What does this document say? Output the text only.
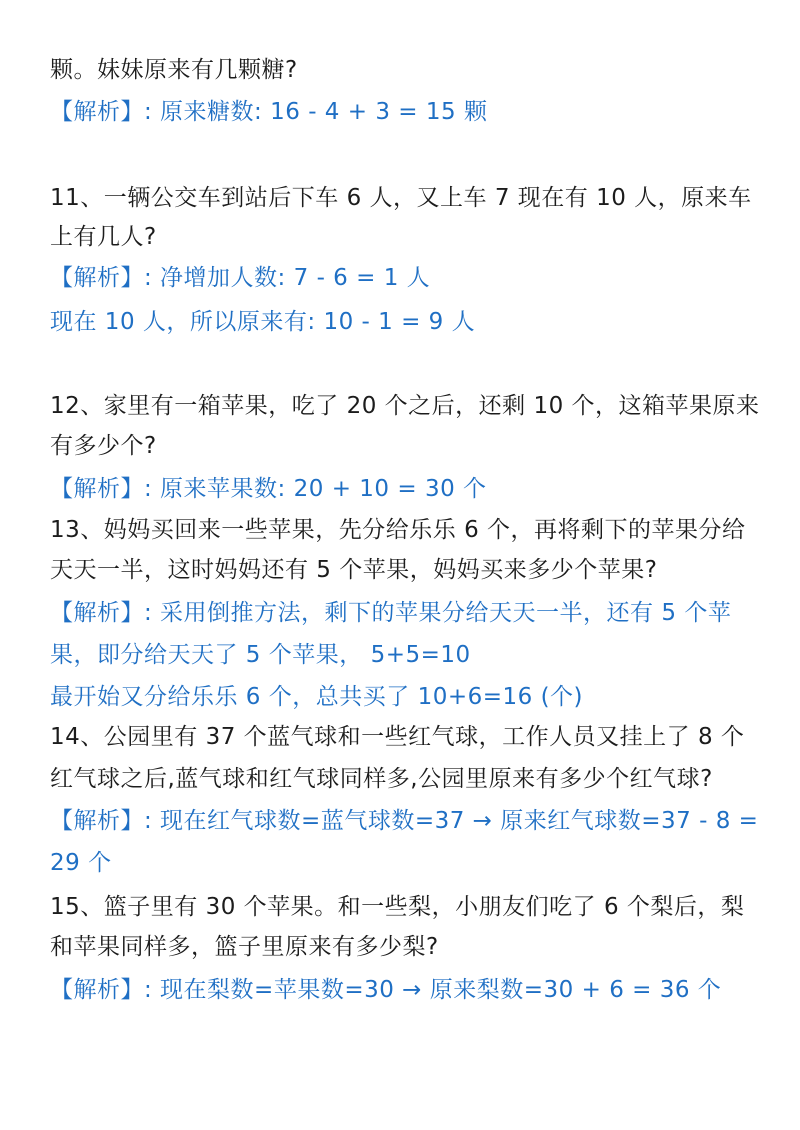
颗。妹妹原来有几颗糖?
【解析】: 原来糖数: 16 - 4 + 3 = 15 颗
11、一辆公交车到站后下车 6 人，又上车 7 现在有 10 人，原来车
上有几人?
【解析】: 净增加人数: 7 - 6 = 1 人
现在 10 人，所以原来有: 10 - 1 = 9 人
12、家里有一箱苹果，吃了 20 个之后，还剩 10 个，这箱苹果原来
有多少个?
【解析】: 原来苹果数: 20 + 10 = 30 个
13、妈妈买回来一些苹果，先分给乐乐 6 个，再将剩下的苹果分给
天天一半，这时妈妈还有 5 个苹果，妈妈买来多少个苹果?
【解析】: 采用倒推方法，剩下的苹果分给天天一半，还有 5 个苹
果，即分给天天了 5 个苹果， 5+5=10
最开始又分给乐乐 6 个，总共买了 10+6=16 (个)
14、公园里有 37 个蓝气球和一些红气球，工作人员又挂上了 8 个
红气球之后,蓝气球和红气球同样多,公园里原来有多少个红气球?
【解析】: 现在红气球数=蓝气球数=37 → 原来红气球数=37 - 8 =
29 个
15、篮子里有 30 个苹果。和一些梨，小朋友们吃了 6 个梨后，梨
和苹果同样多，篮子里原来有多少梨?
【解析】: 现在梨数=苹果数=30 → 原来梨数=30 + 6 = 36 个
